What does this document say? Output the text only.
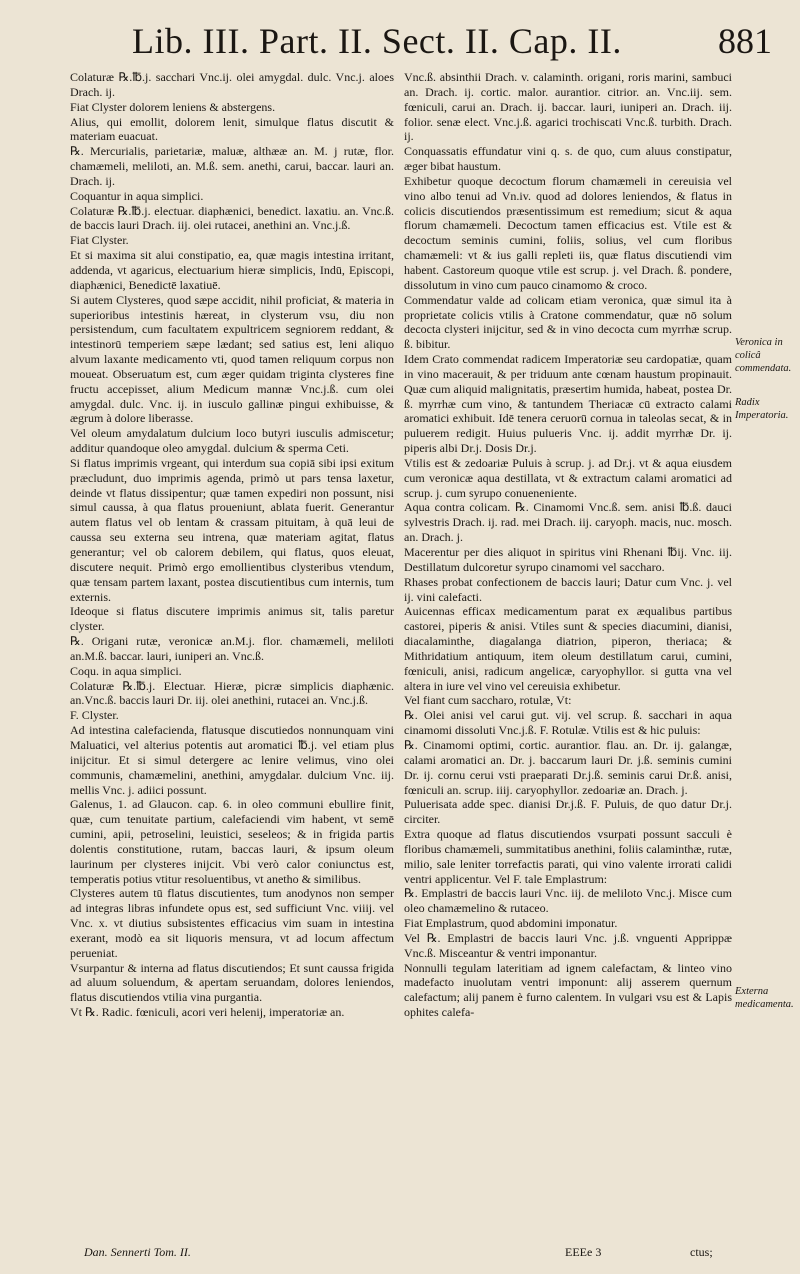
Lib. III. Part. II. Sect. II. Cap. II.	881

Colaturæ ℞.℔.j. sacchari Vnc.ij. olei amygdal. dulc. Vnc.j. aloes Drach. ij.

Fiat Clyster dolorem leniens & abstergens.

Alius, qui emollit, dolorem lenit, simulque flatus discutit & materiam euacuat.

℞. Mercurialis, parietariæ, maluæ, althææ an. M. j rutæ, flor. chamæmeli, meliloti, an. M.ß. sem. anethi, carui, baccar. lauri an. Drach. ij.

Coquantur in aqua simplici.

Colaturæ ℞.℔.j. electuar. diaphænici, benedict. laxatiu. an. Vnc.ß. de baccis lauri Drach. iij. olei rutacei, anethini an. Vnc.j.ß.

Fiat Clyster.

Et si maxima sit alui constipatio, ea, quæ magis intestina irritant, addenda, vt agaricus, electuarium hieræ simplicis, Indū, Episcopi, diaphænici, Benedictē laxatiuē.

Si autem Clysteres, quod sæpe accidit, nihil proficiat, & materia in superioribus intestinis hæreat, in clysterum vsu, diu non persistendum, cum facultatem expultricem segniorem reddant, & intestinorū temperiem sæpe lædant; sed satius est, leni aliquo alvum laxante medicamento vti, quod tamen reliquum corpus non moueat. Obseruatum est, cum æger quidam triginta clysteres fine fructu accepisset, alium Medicum mannæ Vnc.j.ß. cum olei amygdal. dulc. Vnc. ij. in iusculo gallinæ pingui exhibuisse, & ægrum à dolore liberasse.

Vel oleum amydalatum dulcium loco butyri iusculis admiscetur; additur quandoque oleo amygdal. dulcium & sperma Ceti.

Si flatus imprimis vrgeant, qui interdum sua copiā sibi ipsi exitum præcludunt, duo imprimis agenda, primò ut pars tensa laxetur, deinde vt flatus dissipentur; quæ tamen expediri non possunt, nisi simul caussa, à qua flatus proueniunt, ablata fuerit. Generantur autem flatus vel ob lentam & crassam pituitam, à quā leui de caussa seu externa seu intrena, quæ materiam agitat, flatus generantur; vel ob calorem debilem, qui flatus, quos eleuat, discutere nequit. Primò ergo emollientibus clysteribus vtendum, quæ tensam partem laxant, postea discutientibus cum internis, tum externis.

Ideoque si flatus discutere imprimis animus sit, talis paretur clyster.

℞. Origani rutæ, veronicæ an.M.j. flor. chamæmeli, meliloti an.M.ß. baccar. lauri, iuniperi an. Vnc.ß.

Coqu. in aqua simplici.

Colaturæ ℞.℔.j. Electuar. Hieræ, picræ simplicis diaphænic. an.Vnc.ß. baccis lauri Dr. iij. olei anethini, rutacei an. Vnc.j.ß.

F. Clyster.

Ad intestina calefacienda, flatusque discutiedos nonnunquam vini Maluatici, vel alterius potentis aut aromatici ℔.j. vel etiam plus inijcitur. Et si simul detergere ac lenire velimus, vino olei communis, chamæmelini, anethini, amygdalar. dulcium Vnc. iij. mellis Vnc. j. adiici possunt.

Galenus, 1. ad Glaucon. cap. 6. in oleo communi ebullire finit, quæ, cum tenuitate partium, calefaciendi vim habent, vt semē cumini, apii, petroselini, leuistici, seseleos; & in frigida partis dolentis constitutione, rutam, baccas lauri, & ipsum oleum laurinum per clysteres inijcit. Vbi verò calor coniunctus est, temperatis potius vtitur resoluentibus, vt anetho & similibus.

Clysteres autem tū flatus discutientes, tum anodynos non semper ad integras libras infundete opus est, sed sufficiunt Vnc. viiij. vel Vnc. x. vt diutius subsistentes efficacius vim suam in intestina exerant, modò ea sit liquoris mensura, vt ad locum affectum perueniat.

Vsurpantur & interna ad flatus discutiendos; Et sunt caussa frigida ad aluum soluendum, & apertam seruandam, dolores leniendos, flatus discutiendos vtilia vina purgantia.

Vt ℞. Radic. fœniculi, acori veri helenij, imperatoriæ an.

Vnc.ß. absinthii Drach. v. calaminth. origani, roris marini, sambuci an. Drach. ij. cortic. malor. aurantior. citrior. an. Vnc.iij. sem. fœniculi, carui an. Drach. ij. baccar. lauri, iuniperi an. Drach. iij. folior. senæ elect. Vnc.j.ß. agarici trochiscati Vnc.ß. turbith. Drach. ij.

Conquassatis effundatur vini q. s. de quo, cum aluus constipatur, æger bibat haustum.

Exhibetur quoque decoctum florum chamæmeli in cereuisia vel vino albo tenui ad Vn.iv. quod ad dolores leniendos, & flatus in colicis discutiendos præsentissimum est remedium; sicut & aqua florum chamæmeli. Decoctum tamen efficacius est. Vtile est & decoctum seminis cumini, foliis, solius, vel cum floribus chamæmeli: vt & ius galli repleti iis, quæ flatus discutiendi vim habent. Castoreum quoque vtile est scrup. j. vel Drach. ß. pondere, dissolutum in vino cum pauco cinamomo & croco.

Commendatur valde ad colicam etiam veronica, quæ simul ita à proprietate colicis vtilis à Cratone commendatur, quæ nō solum decocta clysteri inijcitur, sed & in vino decocta cum myrrhæ scrup. ß. bibitur.

Idem Crato commendat radicem Imperatoriæ seu cardopatiæ, quam in vino macerauit, & per triduum ante cœnam haustum propinauit. Quæ cum aliquid malignitatis, præsertim humida, habeat, postea Dr. ß. myrrhæ cum vino, & tantundem Theriacæ cū extracto calami aromatici exhibuit. Idē tenera ceruorū cornua in taleolas secat, & in puluerem redigit. Huius pulueris Vnc. ij. addit myrrhæ Dr. ij. piperis albi Dr.j. Dosis Dr.j.

Vtilis est & zedoariæ Puluis à scrup. j. ad Dr.j. vt & aqua eiusdem cum veronicæ aqua destillata, vt & extractum calami aromatici ad scrup. j. cum syrupo conueneniente.

Aqua contra colicam. ℞. Cinamomi Vnc.ß. sem. anisi ℔.ß. dauci sylvestris Drach. ij. rad. mei Drach. iij. caryoph. macis, nuc. mosch. an. Drach. j.

Macerentur per dies aliquot in spiritus vini Rhenani ℔ij. Vnc. iij. Destillatum dulcoretur syrupo cinamomi vel saccharo.

Rhases probat confectionem de baccis lauri; Datur cum Vnc. j. vel ij. vini calefacti.

Auicennas efficax medicamentum parat ex æqualibus partibus castorei, piperis & anisi. Vtiles sunt & species diacumini, dianisi, diacalaminthe, diagalanga diatrion, piperon, theriaca; & Mithridatium antiquum, item oleum destillatum carui, cumini, fœniculi, anisi, radicum angelicæ, caryophyllor. si gutta vna vel altera in iure vel vino vel cereuisia exhibetur.

Vel fiant cum saccharo, rotulæ, Vt:

℞. Olei anisi vel carui gut. vij. vel scrup. ß. sacchari in aqua cinamomi dissoluti Vnc.j.ß. F. Rotulæ. Vtilis est & hic puluis:

℞. Cinamomi optimi, cortic. aurantior. flau. an. Dr. ij. galangæ, calami aromatici an. Dr. j. baccarum lauri Dr. j.ß. seminis cumini Dr. ij. cornu cerui vsti praeparati Dr.j.ß. seminis carui Dr.ß. anisi, fœniculi an. scrup. iiij. caryophyllor. zedoariæ an. Drach. j.

Puluerisata adde spec. dianisi Dr.j.ß. F. Puluis, de quo datur Dr.j. circiter.

Extra quoque ad flatus discutiendos vsurpati possunt sacculi è floribus chamæmeli, summitatibus anethini, foliis calaminthæ, rutæ, milio, sale leniter torrefactis parati, qui vino valente irrorati calidi ventri applicentur. Vel F. tale Emplastrum:

℞. Emplastri de baccis lauri Vnc. iij. de meliloto Vnc.j. Misce cum oleo chamæmelino & rutaceo.

Fiat Emplastrum, quod abdomini imponatur.

Vel ℞. Emplastri de baccis lauri Vnc. j.ß. vnguenti Apprippæ Vnc.ß. Misceantur & ventri imponantur.

Nonnulli tegulam lateritiam ad ignem calefactam, & linteo vino madefacto inuolutam ventri imponunt: alij asserem quernum calefactum; alij panem è furno calentem. In vulgari vsu est & Lapis ophites calefa-

Veronica in colicâ commendata.
Radix Imperatoria.
Externa medicamenta.
Dan. Sennerti Tom. II.	EEEe 3	ctus;
